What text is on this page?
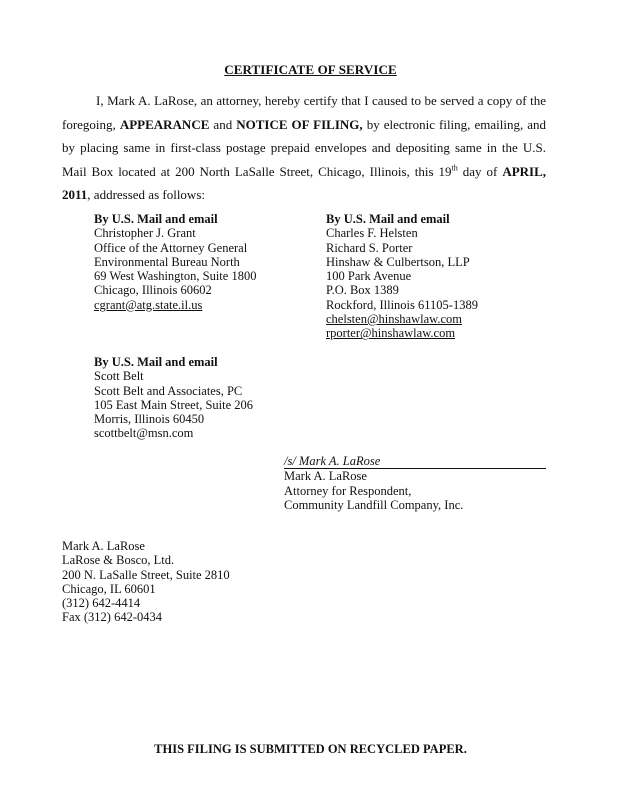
CERTIFICATE OF SERVICE
I, Mark A. LaRose, an attorney, hereby certify that I caused to be served a copy of the foregoing, APPEARANCE and NOTICE OF FILING, by electronic filing, emailing, and by placing same in first-class postage prepaid envelopes and depositing same in the U.S. Mail Box located at 200 North LaSalle Street, Chicago, Illinois, this 19th day of APRIL, 2011, addressed as follows:
By U.S. Mail and email
Christopher J. Grant
Office of the Attorney General
Environmental Bureau North
69 West Washington, Suite 1800
Chicago, Illinois 60602
cgrant@atg.state.il.us
By U.S. Mail and email
Charles F. Helsten
Richard S. Porter
Hinshaw & Culbertson, LLP
100 Park Avenue
P.O. Box 1389
Rockford, Illinois 61105-1389
chelsten@hinshawlaw.com
rporter@hinshawlaw.com
By U.S. Mail and email
Scott Belt
Scott Belt and Associates, PC
105 East Main Street, Suite 206
Morris, Illinois 60450
scottbelt@msn.com
/s/ Mark A. LaRose
Mark A. LaRose
Attorney for Respondent,
Community Landfill Company, Inc.
Mark A. LaRose
LaRose & Bosco, Ltd.
200 N. LaSalle Street, Suite 2810
Chicago, IL 60601
(312) 642-4414
Fax (312) 642-0434
THIS FILING IS SUBMITTED ON RECYCLED PAPER.
